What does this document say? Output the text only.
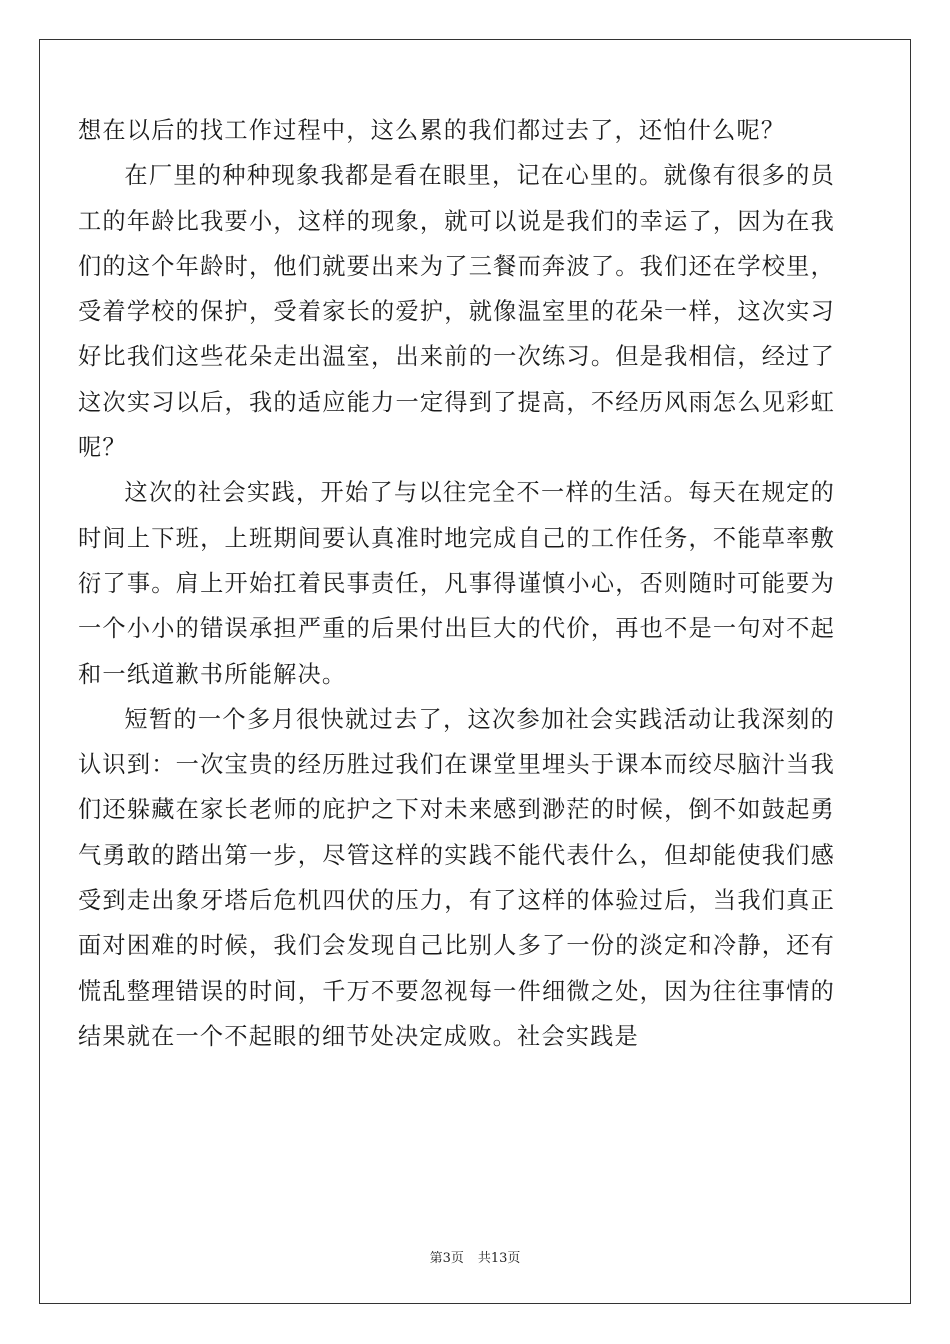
想在以后的找工作过程中，这么累的我们都过去了，还怕什么呢？

在厂里的种种现象我都是看在眼里，记在心里的。就像有很多的员工的年龄比我要小，这样的现象，就可以说是我们的幸运了，因为在我们的这个年龄时，他们就要出来为了三餐而奔波了。我们还在学校里，受着学校的保护，受着家长的爱护，就像温室里的花朵一样，这次实习好比我们这些花朵走出温室，出来前的一次练习。但是我相信，经过了这次实习以后，我的适应能力一定得到了提高，不经历风雨怎么见彩虹呢？

这次的社会实践，开始了与以往完全不一样的生活。每天在规定的时间上下班，上班期间要认真准时地完成自己的工作任务，不能草率敷衍了事。肩上开始扛着民事责任，凡事得谨慎小心，否则随时可能要为一个小小的错误承担严重的后果付出巨大的代价，再也不是一句对不起和一纸道歉书所能解决。

短暂的一个多月很快就过去了，这次参加社会实践活动让我深刻的认识到：一次宝贵的经历胜过我们在课堂里埋头于课本而绞尽脑汁当我们还躲藏在家长老师的庇护之下对未来感到渺茫的时候，倒不如鼓起勇气勇敢的踏出第一步，尽管这样的实践不能代表什么，但却能使我们感受到走出象牙塔后危机四伏的压力，有了这样的体验过后，当我们真正面对困难的时候，我们会发现自己比别人多了一份的淡定和冷静，还有慌乱整理错误的时间，千万不要忽视每一件细微之处，因为往往事情的结果就在一个不起眼的细节处决定成败。社会实践是

第3页 共13页
